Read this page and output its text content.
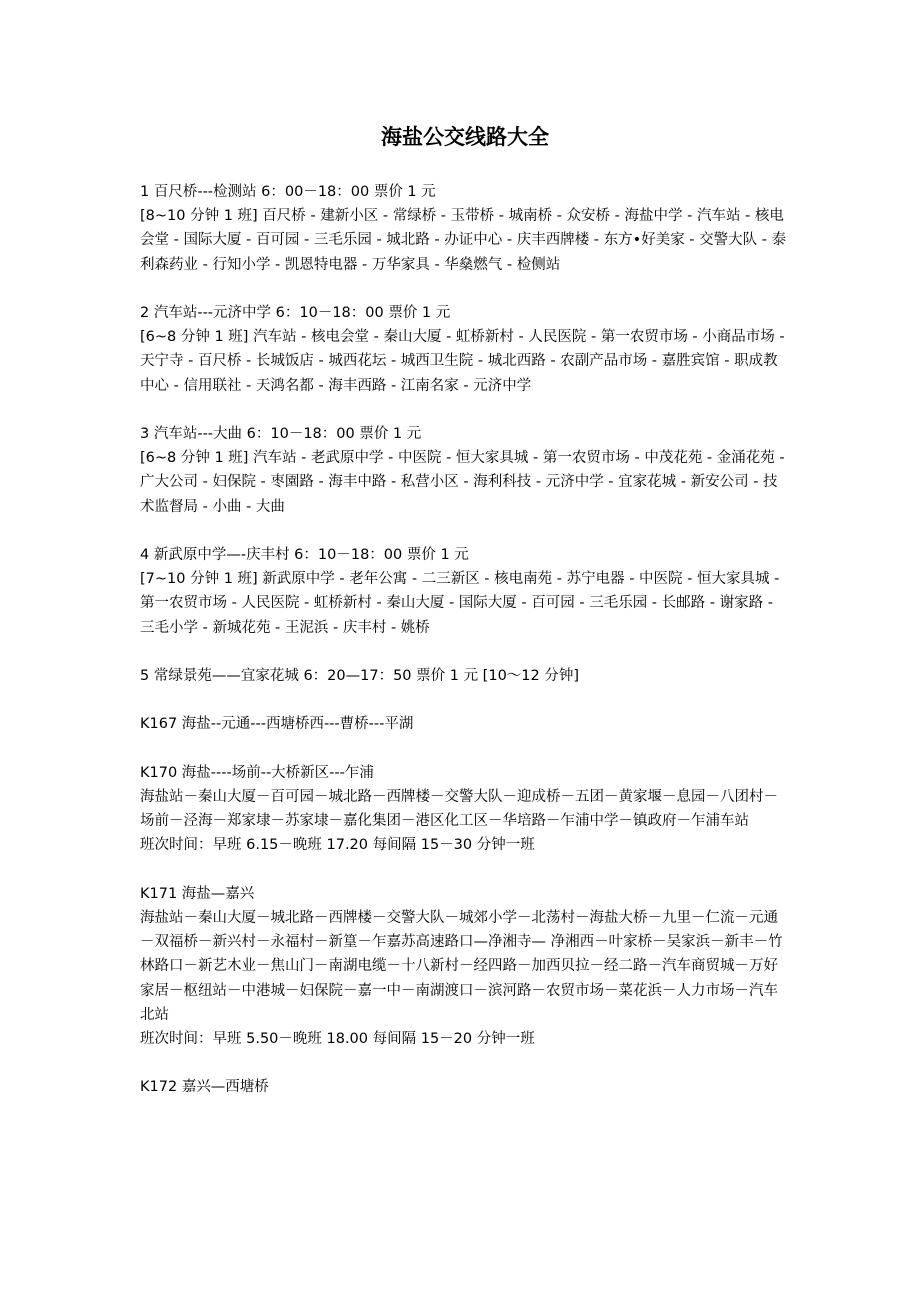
海盐公交线路大全
1 百尺桥---检测站 6：00－18：00 票价 1 元
[8~10 分钟 1 班] 百尺桥 - 建新小区 - 常绿桥 - 玉带桥 - 城南桥 - 众安桥 - 海盐中学 - 汽车站 - 核电会堂 - 国际大厦 - 百可园 - 三毛乐园 - 城北路 - 办证中心 - 庆丰西牌楼 - 东方•好美家 - 交警大队 - 泰利森药业 - 行知小学 - 凯恩特电器 - 万华家具 - 华燊燃气 - 检侧站
2 汽车站---元济中学 6：10－18：00 票价 1 元
[6~8 分钟 1 班] 汽车站 - 核电会堂 - 秦山大厦 - 虹桥新村 - 人民医院 - 第一农贸市场 - 小商品市场 - 天宁寺 - 百尺桥 - 长城饭店 - 城西花坛 - 城西卫生院 - 城北西路 - 农副产品市场 - 嘉胜宾馆 - 职成教中心 - 信用联社 - 天鸿名都 - 海丰西路 - 江南名家 - 元济中学
3 汽车站---大曲 6：10－18：00 票价 1 元
[6~8 分钟 1 班] 汽车站 - 老武原中学 - 中医院 - 恒大家具城 - 第一农贸市场 - 中茂花苑 - 金涌花苑 - 广大公司 - 妇保院 - 枣園路 - 海丰中路 - 私营小区 - 海利科技 - 元济中学 - 宜家花城 - 新安公司 - 技术监督局 - 小曲 - 大曲
4 新武原中学—-庆丰村 6：10－18：00 票价 1 元
[7~10 分钟 1 班] 新武原中学 - 老年公寓 - 二三新区 - 核电南苑 - 苏宁电器 - 中医院 - 恒大家具城 - 第一农贸市场 - 人民医院 - 虹桥新村 - 秦山大厦 - 国际大厦 - 百可园 - 三毛乐园 - 长邮路 - 谢家路 - 三毛小学 - 新城花苑 - 王泥浜 - 庆丰村 - 姚桥
5 常绿景苑——宜家花城 6：20—17：50 票价 1 元 [10～12 分钟]
K167 海盐--元通---西塘桥西---曹桥---平湖
K170 海盐----场前--大桥新区---乍浦
海盐站－秦山大厦－百可园－城北路－西牌楼－交警大队－迎成桥－五团－黄家堰－息园－八团村－场前－泾海－郑家埭－苏家埭－嘉化集团－港区化工区－华培路－乍浦中学－镇政府－乍浦车站
班次时间：早班 6.15－晚班 17.20 每间隔 15－30 分钟一班
K171 海盐—嘉兴
海盐站－秦山大厦－城北路－西牌楼－交警大队－城郊小学－北荡村－海盐大桥－九里－仁流－元通－双福桥－新兴村－永福村－新篁－乍嘉苏高速路口—净湘寺— 净湘西－叶家桥－吴家浜－新丰－竹林路口－新艺木业－焦山门－南湖电缆－十八新村－经四路－加西贝拉－经二路－汽车商贸城－万好家居－枢纽站－中港城－妇保院－嘉一中－南湖渡口－滨河路－农贸市场－菜花浜－人力市场－汽车北站
班次时间：早班 5.50－晚班 18.00 每间隔 15－20 分钟一班
K172 嘉兴—西塘桥
